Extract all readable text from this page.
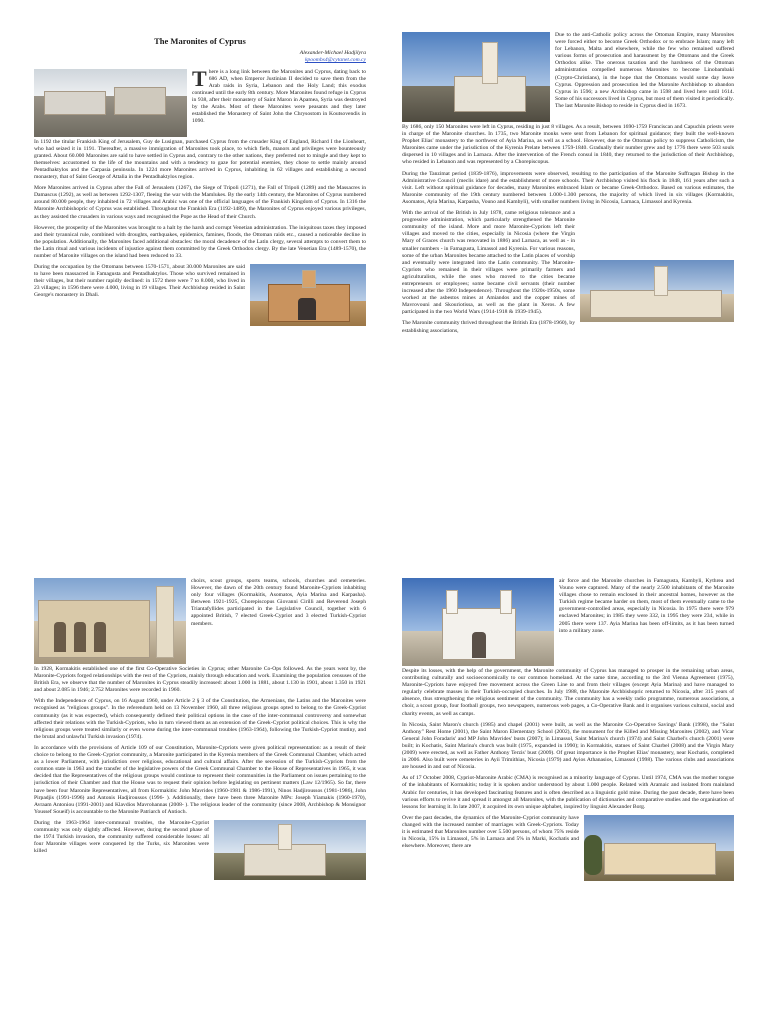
The Maronites of Cyprus
Alexander-Michael Hadjilyra
kpoombs4@cytanet.com.cy

There is a long link between the Maronites and Cyprus, dating back to 686 AD, when Emperor Justinian II decided to save them from the Arab raids in Syria, Lebanon and the Holy Land; this exodus continued until the early 8th century. More Maronites found refuge in Cyprus in 938, after their monastery of Saint Maron in Apamea, Syria was destroyed by the Arabs. Most of these Maronites were peasants and they later established the Monastery of Saint John the Chrysostom in Koutsovendis in 1090.

In 1192 the titular Frankish King of Jerusalem, Guy de Lusignan, purchased Cyprus from the crusader King of England, Richard I the Lionheart, who had seized it in 1191. Thereafter, a massive immigration of Maronites took place, to which fiefs, manors and privileges were bounteously granted. About 60.000 Maronites are said to have settled in Cyprus and, contrary to the other nations, they preferred not to mingle and they kept to themselves: accustomed to the life of the mountains and with a tendency to gaze for potential enemies, they chose to settle mainly around Pentadhaktylos and the Carpasia peninsula. In 1224 more Maronites arrived in Cyprus, inhabiting in 62 villages and establishing a second monastery, that of Saint George of Attalia in the Pentadhaktylos region.

More Maronites arrived in Cyprus after the Fall of Jerusalem (1267), the Siege of Tripoli (1271), the Fall of Tripoli (1289) and the Massacres in Damascus (1292), as well as between 1292-1307, fleeing the war with the Mamlukes. By the early 14th century, the Maronites of Cyprus numbered around 80.000 people, they inhabited in 72 villages and Arabic was one of the official languages of the Frankish Kingdom of Cyprus. In 1316 the Maronite Archbishopric of Cyprus was established. Throughout the Frankish Era (1192-1489), the Maronites of Cyprus enjoyed various privileges, as they assisted the crusaders in various ways and recognised the Pope as the Head of their Church.

However, the prosperity of the Maronites was brought to a halt by the harsh and corrupt Venetian administration. The iniquitous taxes they imposed and their tyrannical rule, combined with droughts, earthquakes, epidemics, famines, floods, the Ottoman raids etc., caused a noticeable decline in the population. Additionally, the Maronites faced additional obstacles: the moral decadence of the Latin clergy, several attempts to convert them to the Latin ritual and various incidents of injustice against them committed by the Greek Orthodox clergy. By the late Venetian Era (1489-1570), the number of Maronite villages on the island had been reduced to 33.

During the occupation by the Ottomans between 1570-1571, about 30.000 Maronites are said to have been massacred in Famagusta and Pentadhaktylos. Those who survived remained in their villages, but their number rapidly declined: in 1572 there were 7 to 8.000, who lived in 23 villages; in 1596 there were 4.000, living in 19 villages. Their Archbishop resided in Saint George's monastery in Dhali.

Due to the anti-Catholic policy across the Ottoman Empire, many Maronites were forced either to become Greek Orthodox or to embrace Islam; many left for Lebanon, Malta and elsewhere, while the few who remained suffered various forms of prosecution and harassment by the Ottomans and the Greek Orthodox alike. The onerous taxation and the harshness of the Ottoman administration compelled numerous Maronites to become Linobambaki (Crypto-Christians), in the hope that the Ottomans would some day leave Cyprus. Oppression and prosecution led the Maronite Archbishop to abandon Cyprus in 1596; a new Archbishop came in 1598 and lived here until 1614. Some of his successors lived in Cyprus, but most of them visited it periodically. The last Maronite Bishop to reside in Cyprus died in 1673.

By 1686, only 150 Maronites were left in Cyprus, residing in just 8 villages. As a result, between 1690-1759 Franciscan and Capuchin priests were in charge of the Maronite churches. In 1735, two Maronite monks were sent from Lebanon for spiritual guidance; they built the well-known Prophet Elias' monastery to the northwest of Ayia Marina, as well as a school. However, due to the Ottoman policy to suppress Catholicism, the Maronites came under the jurisdiction of the Kyrenia Prelate between 1759-1840. Gradually their number grew and by 1776 there were 503 souls dispersed in 10 villages and in Larnaca. After the intervention of the French consul in 1840, they returned to the jurisdiction of their Archbishop, who resided in Lebanon and was represented by a Chorepiscopus.

During the Tanzimat period (1839-1876), improvements were observed, resulting to the participation of the Maronite Suffragan Bishop in the Administrative Council (meclis idare) and the establishment of more schools. Their Archbishop visited his flock in 1848, 161 years after such a visit. Left without spiritual guidance for decades, many Maronites embraced Islam or became Greek-Orthodox. Based on various estimates, the Maronite community of the 19th century numbered between 1.000-1.300 persons, the majority of which lived in six villages (Kormakitis, Asomatos, Ayia Marina, Karpasha, Vouno and Kambyli), with smaller numbers living in Nicosia, Larnaca, Limassol and Kyrenia.

With the arrival of the British in July 1878, came religious tolerance and a progressive administration, which particularly strengthened the Maronite community of the island. More and more Maronite-Cypriots left their villages and moved to the cities, especially in Nicosia (where the Virgin Mary of Graces church was renovated in 1886) and Larnaca, as well as - in smaller numbers - in Famagusta, Limassol and Kyrenia. For various reasons, some of the urban Maronites became attached to the Latin places of worship and eventually were integrated into the Latin community. The Maronite-Cypriots who remained in their villages were primarily farmers and agriculturalists, while the ones who moved to the cities became entrepreneurs or employees; some became civil servants (their number increased after the 1960 Independence). Throughout the 1920s-1950s, some worked at the asbestos mines at Amiandos and the copper mines of Mavrovouni and Skouriotissa, as well as the plant in Xeros. A few participated in the two World Wars (1914-1918 & 1939-1945).

The Maronite community thrived throughout the British Era (1878-1960), by establishing associations,

choirs, scout groups, sports teams, schools, churches and cemeteries. However, the dawn of the 20th century found Maronite-Cypriots inhabiting only four villages (Kormakitis, Asomatos, Ayia Marina and Karpasha). Between 1921-1925, Chorepiscopus Giovanni Cirilli and Reverend Joseph Triantafyllides participated in the Legislative Council, together with 6 appointed British, 7 elected Greek-Cypriot and 3 elected Turkish-Cypriot members.

In 1928, Kormakitis established one of the first Co-Operative Societies in Cyprus; other Maronite Co-Ops followed. As the years went by, the Maronite-Cypriots forged relationships with the rest of the Cypriots, mainly through education and work. Examining the population censuses of the British Era, we observe that the number of Maronites in Cyprus steadily increased: about 1.000 in 1881, about 1.130 in 1901, about 1.350 in 1921 and about 2.085 in 1946; 2.752 Maronites were recorded in 1960.

With the Independence of Cyprus, on 16 August 1960, under Article 2 § 3 of the Constitution, the Armenians, the Latins and the Maronites were recognised as "religious groups". In the referendum held on 13 November 1960, all three religious groups opted to belong to the Greek-Cypriot community (as it was expected), which consequently defined their political options in the case of the inter-communal controversy and somewhat affected their relations with the Turkish-Cypriots, who in turn viewed them as an extension of the Greek-Cypriot political choices. This is why the religious groups were treated similarly or even worse during the inter-communal troubles (1963-1964), following the Turkish-Cypriot mutiny, and the brutal and unlawful Turkish invasion (1974).

In accordance with the provisions of Article 109 of our Constitution, Maronite-Cypriots were given political representation: as a result of their choice to belong to the Greek-Cypriot community, a Maronite participated in the Kyrenia members of the Greek Communal Chamber, which acted as a lower Parliament, with jurisdiction over religious, educational and cultural affairs. After the secession of the Turkish-Cypriots from the common state in 1963 and the transfer of the legislative powers of the Greek Communal Chamber to the House of Representatives in 1965, it was decided that the Representatives of the religious groups would continue to represent their communities in the Parliament on issues pertaining to the jurisdiction of their Chamber and that the House was to request their opinion before legislating on pertinent matters (Law 12/1965). So far, there have been four Maronite Representatives, all from Kormakitis: John Mavrides (1960-1981 & 1986-1991), Ninos Hadjiroussos (1981-1986), John Pirpadjis (1991-1996) and Antonis Hadjiroussos (1996- ). Additionally, there have been three Maronite MPs: Joseph Yiamakis (1960-1970), Avraam Antoniou (1991-2001) and Klavdios Mavrohannas (2008- ). The religious leader of the community (since 2008, Archbishop & Monsignor Youssef Soueif) is accountable to the Maronite Patriarch of Antioch.

During the 1963-1964 inter-communal troubles, the Maronite-Cypriot community was only slightly affected. However, during the second phase of the 1974 Turkish invasion, the community suffered considerable losses: all four Maronite villages were conquered by the Turks, six Maronites were killed

air force and the Maronite churches in Famagusta, Kambyli, Kythrea and Vouno were captured. Many of the nearly 2.500 inhabitants of the Maronite villages chose to remain enclosed in their ancestral homes, however as the Turkish regime became harder on them, most of them eventually came to the government-controlled areas, especially in Nicosia. In 1975 there were 979 enclaved Maronites; in 1985 they were 332, in 1995 they were 234, while in 2005 there were 137. Ayia Marina has been off-limits, as it has been turned into a military zone.

Despite its losses, with the help of the government, the Maronite community of Cyprus has managed to prosper in the remaining urban areas, contributing culturally and socioeconomically to our common homeland. At the same time, according to the 3rd Vienna Agreement (1975), Maronite-Cypriots have enjoyed free movement across the Green Line to and from their villages (except Ayia Marina) and have managed to regularly celebrate masses in their Turkish-occupied churches. In July 1988, the Maronite Archbishopric returned to Nicosia, after 315 years of absence, thus strengthening the religious sentiment of the community. The community has a weekly radio programme, numerous associations, a choir, a scout group, four football groups, two newspapers, numerous web pages, a Co-Operative Bank and it organises various cultural, social and charity events, as well as camps.

In Nicosia, Saint Maron's church (1985) and chapel (2001) were built, as well as the Maronite Co-Operative Savings' Bank (1998), the "Saint Anthony" Rest Home (2001), the Saint Maron Elementary School (2002), the monument for the Killed and Missing Maronites (2002), and Vicar General John Foradaris' and MP John Mavrides' busts (2007); in Limassol, Saint Marina's church (1974) and Saint Charbel's church (2001) were built; in Kochatis, Saint Marina's church was built (1975, expanded in 1990); in Kormakitis, statues of Saint Charbel (2008) and the Virgin Mary (2009) were erected, as well as Father Anthony Terzis' bust (2009). Of great importance is the Prophet Elias' monastery, near Kochatis, completed in 2006. Also built were cemeteries in Ayii Trimithias, Nicosia (1979) and Ayios Athanasios, Limassol (1998). The various clubs and associations are housed in and out of Nicosia.

As of 17 October 2008, Cypriot-Maronite Arabic (CMA) is recognised as a minority language of Cyprus. Until 1974, CMA was the mother tongue of the inhabitants of Kormakitis; today it is spoken and/or understood by about 1.000 people. Related with Aramaic and isolated from mainland Arabic for centuries, it has developed fascinating features and is often described as a linguistic gold mine. During the past decade, there have been various efforts to revive it and spread it amongst all Maronites, with the publication of dictionaries and comparative studies and the organisation of lessons for learning it. In late 2007, it acquired its own unique alphabet, inspired by linguist Alexander Borg.

Over the past decades, the dynamics of the Maronite-Cypriot community have changed with the increased number of marriages with Greek-Cypriots. Today it is estimated that Maronites number over 5.500 persons, of whom 75% reside in Nicosia, 15% in Limassol, 5% in Larnaca and 5% in Marki, Kochatis and elsewhere. Moreover, there are
